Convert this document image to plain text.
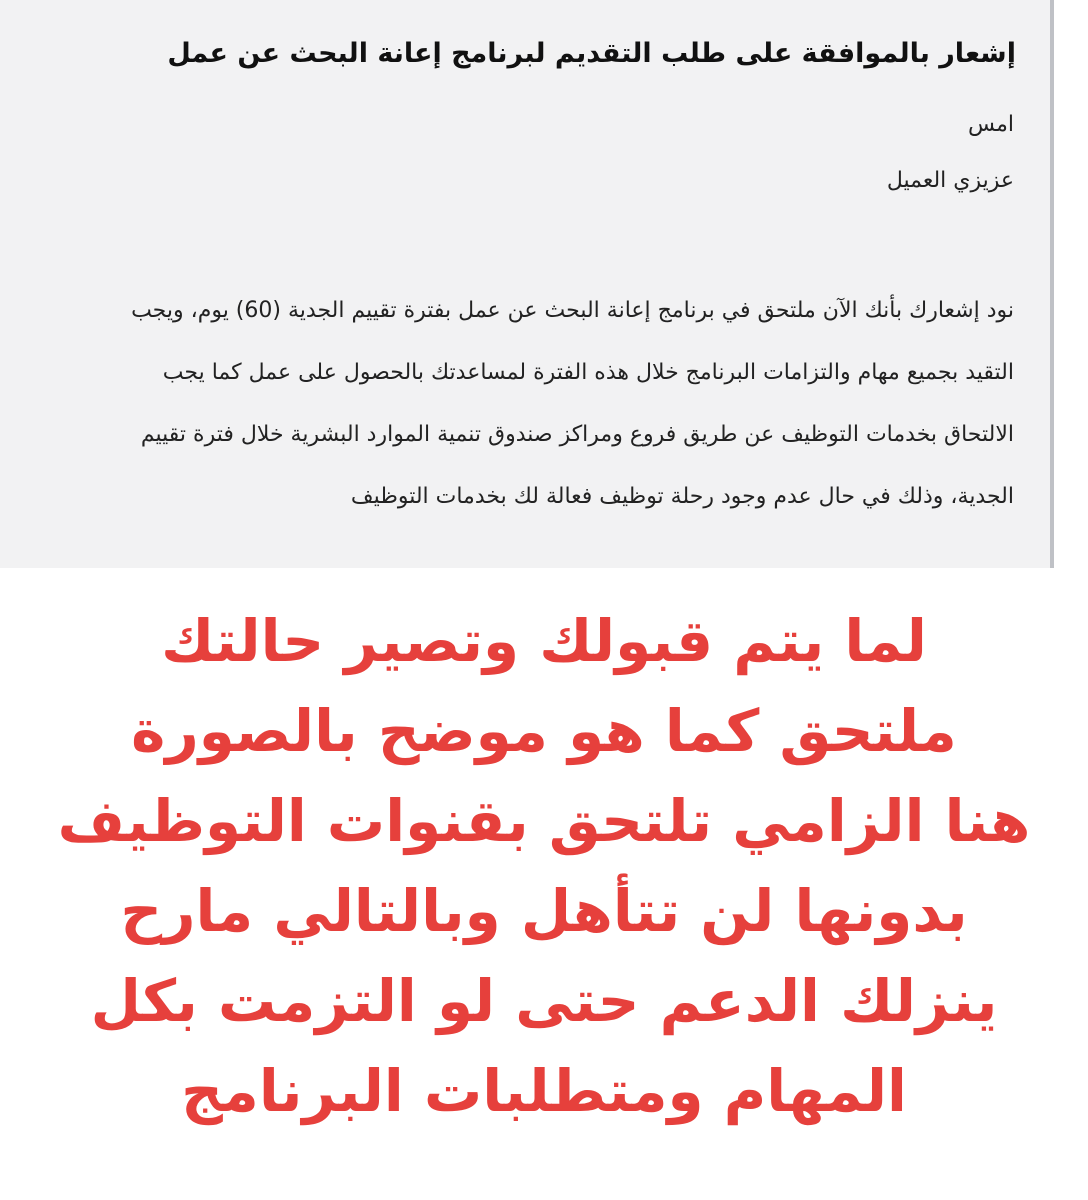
إشعار بالموافقة على طلب التقديم لبرنامج إعانة البحث عن عمل
امس
عزيزي العميل
نود إشعارك بأنك الآن ملتحق في برنامج إعانة البحث عن عمل بفترة تقييم الجدية (60) يوم، ويجب
التقيد بجميع مهام والتزامات البرنامج خلال هذه الفترة لمساعدتك بالحصول على عمل كما يجب
الالتحاق بخدمات التوظيف عن طريق فروع ومراكز صندوق تنمية الموارد البشرية خلال فترة تقييم
الجدية، وذلك في حال عدم وجود رحلة توظيف فعالة لك بخدمات التوظيف
لما يتم قبولك وتصير حالتك
ملتحق كما هو موضح بالصورة
هنا الزامي تلتحق بقنوات التوظيف
بدونها لن تتأهل وبالتالي مارح
ينزلك الدعم حتى لو التزمت بكل
المهام ومتطلبات البرنامج
